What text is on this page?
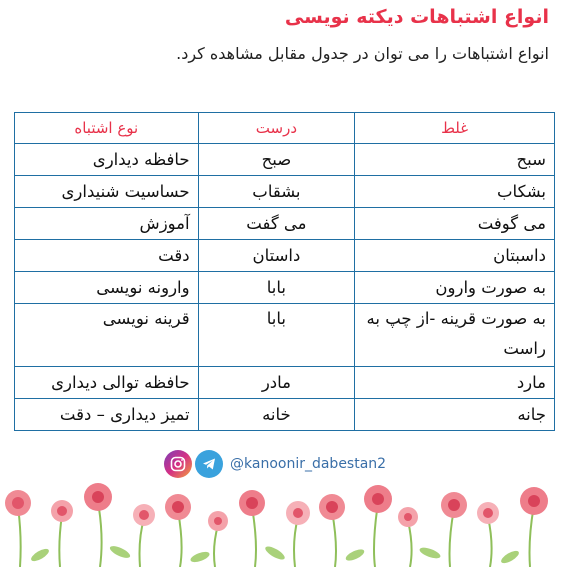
انواع اشتباهات دیکته نویسی
انواع اشتباهات را می توان در جدول مقابل مشاهده کرد.
غلط	درست	نوع اشتباه
سبح	صبح	حافظه دیداری
بشکاب	بشقاب	حساسیت شنیداری
می گوفت	می گفت	آموزش
داسبتان	داستان	دقت
به صورت وارون	بابا	وارونه نویسی
به صورت قرینه -از چپ به راست	بابا	قرینه نویسی
مارد	مادر	حافظه توالی دیداری
جانه	خانه	تمیز دیداری – دقت
@kanoonir_dabestan2
